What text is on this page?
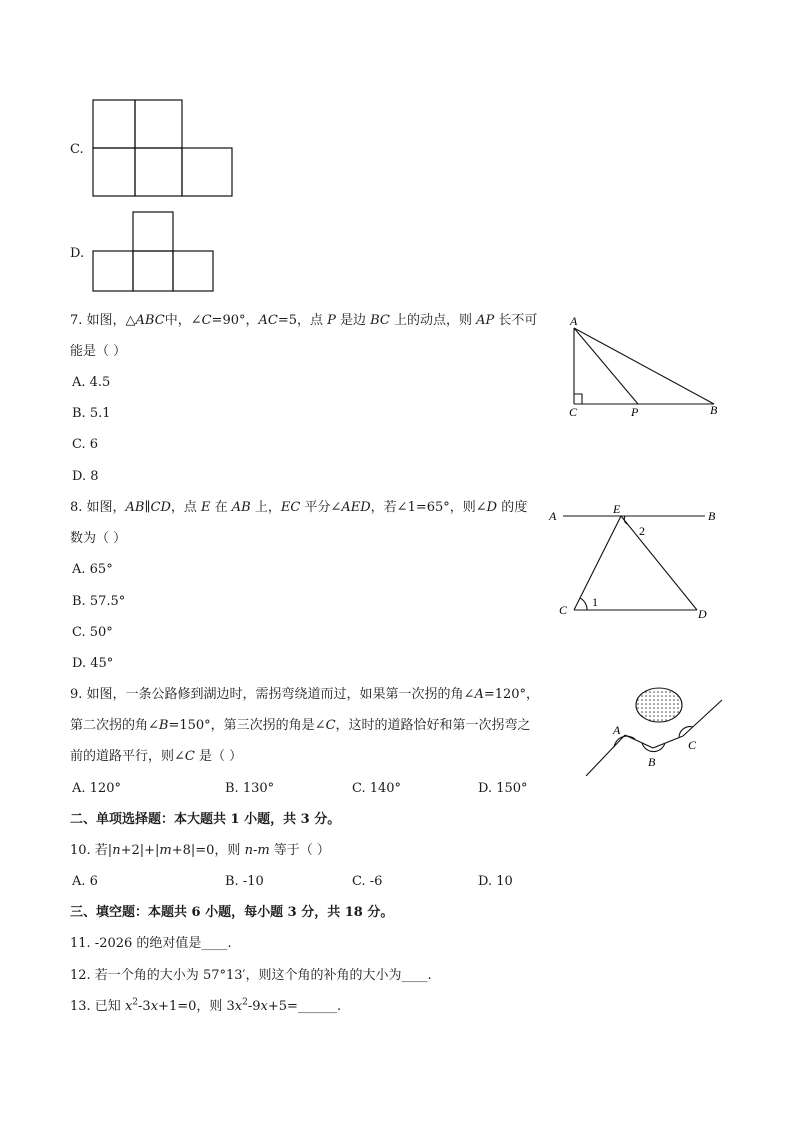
C.
D.
7. 如图，△ABC中，∠C=90°，AC=5，点 P 是边 BC 上的动点，则 AP 长不可
能是（ ）
A. 4.5
B. 5.1
C. 6
D. 8
A
C	P	B
8. 如图，AB∥CD，点 E 在 AB 上，EC 平分∠AED，若∠1=65°，则∠D 的度
数为（ ）
A. 65°
B. 57.5°
C. 50°
D. 45°
A	E	B
2
C
1
D
9. 如图，一条公路修到湖边时，需拐弯绕道而过，如果第一次拐的角∠A=120°，
第二次拐的角∠B=150°，第三次拐的角是∠C，这时的道路恰好和第一次拐弯之
前的道路平行，则∠C 是（ ）
A. 120°	B. 130°	C. 140°	D. 150°
A
B
C
二、单项选择题：本大题共 1 小题，共 3 分。
10. 若|n+2|+|m+8|=0，则 n-m 等于（ ）
A. 6	B. -10	C. -6	D. 10
三、填空题：本题共 6 小题，每小题 3 分，共 18 分。
11. -2026 的绝对值是____.
12. 若一个角的大小为 57°13′，则这个角的补角的大小为____.
13. 已知 $x^2-3x+1=0$，则 $3x^2-9x+5=\_\_\_\_\_\_$.
